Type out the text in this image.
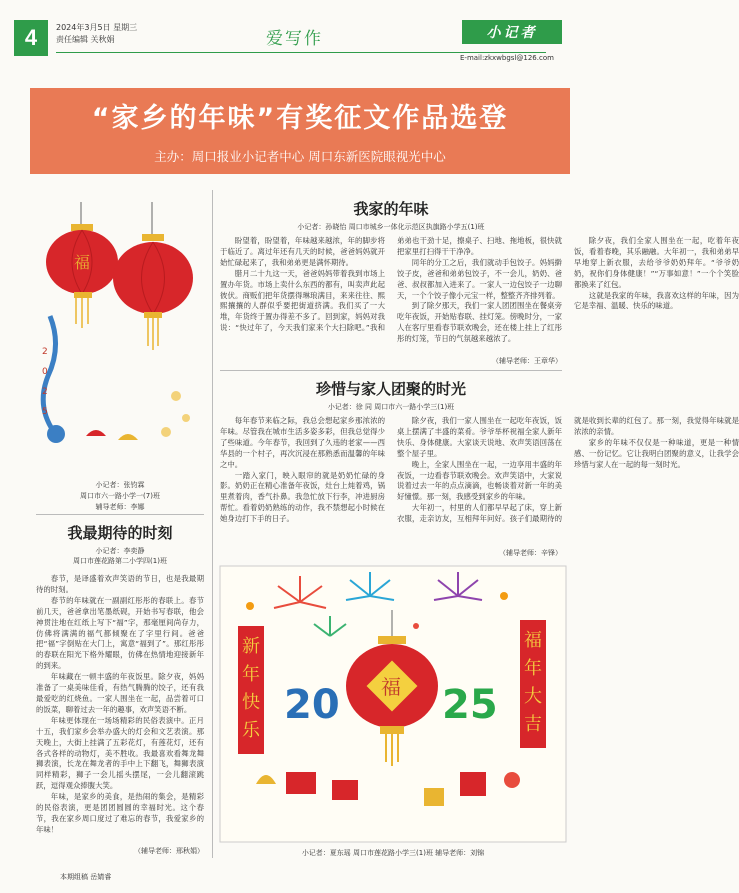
4	2024年3月5日 星期三
责任编辑 关秋娟	爱写作	小记者
E-mail:zkxwbgsl@126.com
“家乡的年味”有奖征文作品选登
主办：周口报业小记者中心 周口东新医院眼视光中心
福
2
0
2
5
小记者：张钧霖
周口市六一路小学一(7)班
辅导老师：李娜
我最期待的时刻
小记者：李奕静
周口市莲花路第二小学四(1)班

春节，是译盛着欢声笑语的节日，也是我最期待的时刻。

春节的年味就在一副副红彤彤的春联上。春节前几天，爸爸拿出笔墨纸砚，开始书写春联，他会神贯注地在红纸上写下“福”字，那毫厘间尚存力，仿佛将满满的福气都倾聚在了字里行间。爸爸把“福”字倒贴在大门上，寓意“福到了”。那红彤彤的春联在阳光下格外耀眼，仿佛在热情地迎接新年的到来。

年味藏在一顿丰盛的年夜饭里。除夕夜，妈妈准备了一桌美味佳肴，有热气腾腾的饺子，还有我最爱吃的红烧鱼。一家人围坐在一起，品尝着可口的饭菜，聊着过去一年的趣事，欢声笑语不断。

年味更体现在一场场精彩的民俗表演中。正月十五，我们家乡会举办盛大的灯会和文艺表演。那天晚上，大街上挂满了五彩花灯，有莲花灯，还有各式各样的动物灯，美不胜收。我最喜欢看舞龙舞狮表演，长龙在舞龙者的手中上下翻飞，舞狮表演同样精彩，狮子一会儿摇头摆尾，一会儿翻滚跳跃，逗得观众捧腹大笑。

年味，是家乡的美食，是热闹的集会，是精彩的民俗表演，更是团团圆圆的幸福时光。这个春节，我在家乡周口度过了难忘的春节，我爱家乡的年味！

（辅导老师：邢秋娟）
我家的年味
小记者：孙晓怡 周口市城乡一体化示范区执旗路小学五(1)班

盼望着，盼望着，年味越来越浓，年的脚步将于临近了。离过年还有几天的时候，爸爸妈妈就开始忙碌起来了，我和弟弟更是满怀期待。

腊月二十九这一天，爸爸妈妈带着我到市场上置办年货。市场上卖什么东西的都有，叫卖声此起彼伏。商贩们把年货摆得琳琅满目，来来往往、熙熙攘攘的人群似乎要把街道挤满。我们买了一大堆，年货终于置办得差不多了。回到家，妈妈对我说：“快过年了，今天我们家来个大扫除吧。”我和弟弟也干劲十足，擦桌子、扫地、拖地板，很快就把家里打扫得干干净净。

同年的分工之后，我们就动手包饺子。妈妈擀饺子皮，爸爸和弟弟包饺子，不一会儿，奶奶、爸爸、叔叔都加入进来了。一家人一边包饺子一边聊天，一个个饺子像小元宝一样，整整齐齐排列着。

到了除夕那天，我们一家人团团围坐在餐桌旁吃年夜饭，开始贴春联、挂灯笼。傍晚时分，一家人在客厅里看春节联欢晚会，还在楼上挂上了红彤彤的灯笼，节日的气氛越来越浓了。

除夕夜，我们全家人围坐在一起，吃着年夜饭，看着春晚，其乐融融。大年初一，我和弟弟早早地穿上新衣服，去给爷爷奶奶拜年。“爷爷奶奶，祝你们身体健康！”“万事如意！”一个个笑脸都换来了红包。

这就是我家的年味，我喜欢这样的年味，因为它是幸福、温暖、快乐的味道。

（辅导老师：王章华）
珍惜与家人团聚的时光
小记者：徐 同 周口市六一路小学三(1)班

每年春节来临之际，我总会想起家乡那浓浓的年味。尽管我在城市生活多姿多彩，但我总觉得少了些味道。今年春节，我回到了久违的老家——西华县的一个村子，再次沉浸在那熟悉而温馨的年味之中。

一踏入家门，映入眼帘的就是奶奶忙碌的身影。奶奶正在精心准备年夜饭，灶台上炖着鸡，锅里煮着肉，香气扑鼻。我急忙放下行李，冲进厨房帮忙。看着奶奶熟练的动作，我不禁想起小时候在她身边打下手的日子。

除夕夜，我们一家人围坐在一起吃年夜饭，饭桌上摆满了丰盛的菜肴。爷爷举杯祝福全家人新年快乐、身体健康。大家谈天说地、欢声笑语回荡在整个屋子里。

晚上，全家人围坐在一起，一边享用丰盛的年夜饭，一边看春节联欢晚会。欢声笑语中，大家说说着过去一年的点点滴滴，也畅谈着对新一年的美好憧憬。那一刻，我感受到家乡的年味。

大年初一，村里的人们都早早起了床，穿上新衣服，走亲访友，互相拜年问好。孩子们最期待的就是收到长辈的红包了。那一刻，我觉得年味就是浓浓的亲情。

家乡的年味不仅仅是一种味道，更是一种情感、一份记忆。它让我明白团聚的意义，让我学会珍惜与家人在一起的每一刻时光。

（辅导老师：辛锋）
新 年 快 乐
福 年 大 吉
福
20	25
小记者：夏东瑶 周口市莲花路小学三(1)班 辅导老师：刘锦
本期组稿 岳婧睿
